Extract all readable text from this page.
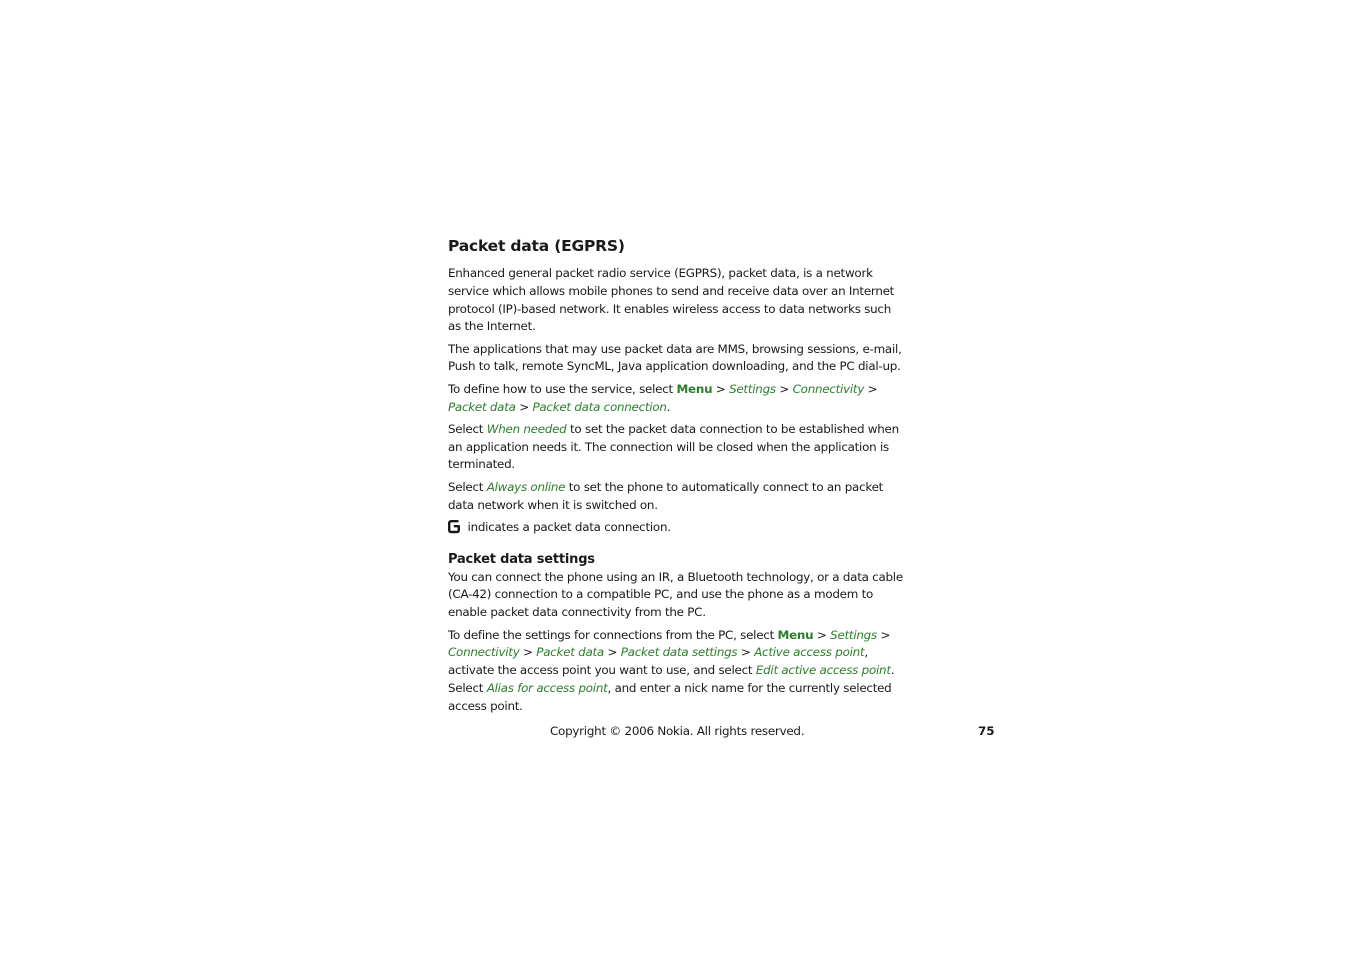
Packet data (EGPRS)

Enhanced general packet radio service (EGPRS), packet data, is a network service which allows mobile phones to send and receive data over an Internet protocol (IP)-based network. It enables wireless access to data networks such as the Internet.

The applications that may use packet data are MMS, browsing sessions, e-mail, Push to talk, remote SyncML, Java application downloading, and the PC dial-up.

To define how to use the service, select Menu > Settings > Connectivity > Packet data > Packet data connection.

Select When needed to set the packet data connection to be established when an application needs it. The connection will be closed when the application is terminated.

Select Always online to set the phone to automatically connect to an packet data network when it is switched on.

indicates a packet data connection.

Packet data settings

You can connect the phone using an IR, a Bluetooth technology, or a data cable (CA-42) connection to a compatible PC, and use the phone as a modem to enable packet data connectivity from the PC.

To define the settings for connections from the PC, select Menu > Settings > Connectivity > Packet data > Packet data settings > Active access point, activate the access point you want to use, and select Edit active access point. Select Alias for access point, and enter a nick name for the currently selected access point.

Copyright © 2006 Nokia. All rights reserved.	75
